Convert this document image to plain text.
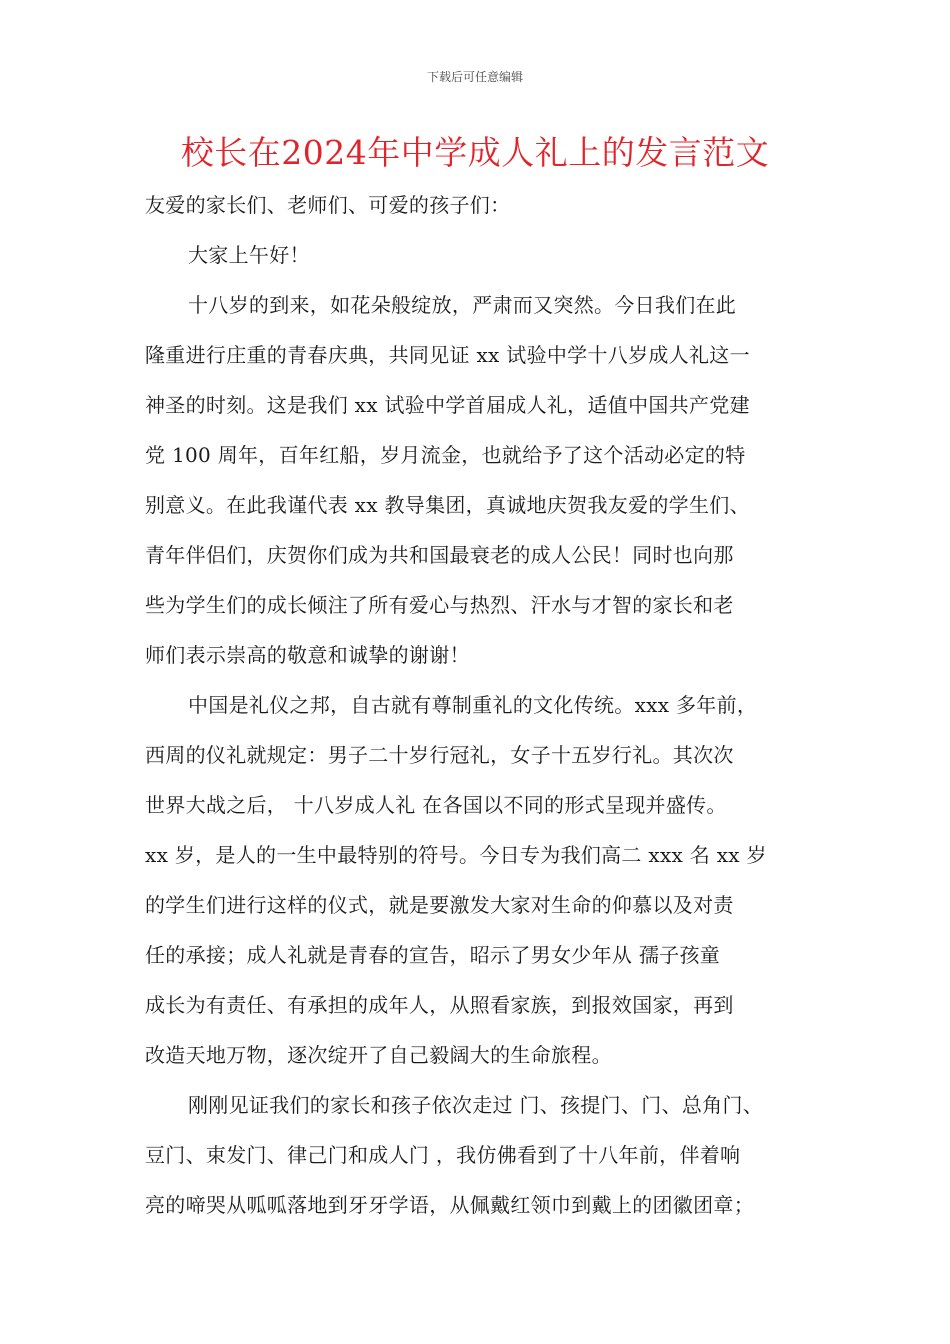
下载后可任意编辑
校长在2024年中学成人礼上的发言范文
友爱的家长们、老师们、可爱的孩子们：
大家上午好！
十八岁的到来，如花朵般绽放，严肃而又突然。今日我们在此
隆重进行庄重的青春庆典，共同见证 xx 试验中学十八岁成人礼这一
神圣的时刻。这是我们 xx 试验中学首届成人礼，适值中国共产党建
党 100 周年，百年红船，岁月流金，也就给予了这个活动必定的特
别意义。在此我谨代表 xx 教导集团，真诚地庆贺我友爱的学生们、
青年伴侣们，庆贺你们成为共和国最衰老的成人公民！同时也向那
些为学生们的成长倾注了所有爱心与热烈、汗水与才智的家长和老
师们表示崇高的敬意和诚挚的谢谢！
中国是礼仪之邦，自古就有尊制重礼的文化传统。xxx 多年前，
西周的仪礼就规定：男子二十岁行冠礼，女子十五岁行礼。其次次
世界大战之后， 十八岁成人礼 在各国以不同的形式呈现并盛传。
xx 岁，是人的一生中最特别的符号。今日专为我们高二 xxx 名 xx 岁
的学生们进行这样的仪式，就是要激发大家对生命的仰慕以及对责
任的承接；成人礼就是青春的宣告，昭示了男女少年从 孺子孩童
成长为有责任、有承担的成年人，从照看家族，到报效国家，再到
改造天地万物，逐次绽开了自己毅阔大的生命旅程。
刚刚见证我们的家长和孩子依次走过 门、孩提门、门、总角门、
豆门、束发门、律己门和成人门 ，我仿佛看到了十八年前，伴着响
亮的啼哭从呱呱落地到牙牙学语，从佩戴红领巾到戴上的团徽团章；
